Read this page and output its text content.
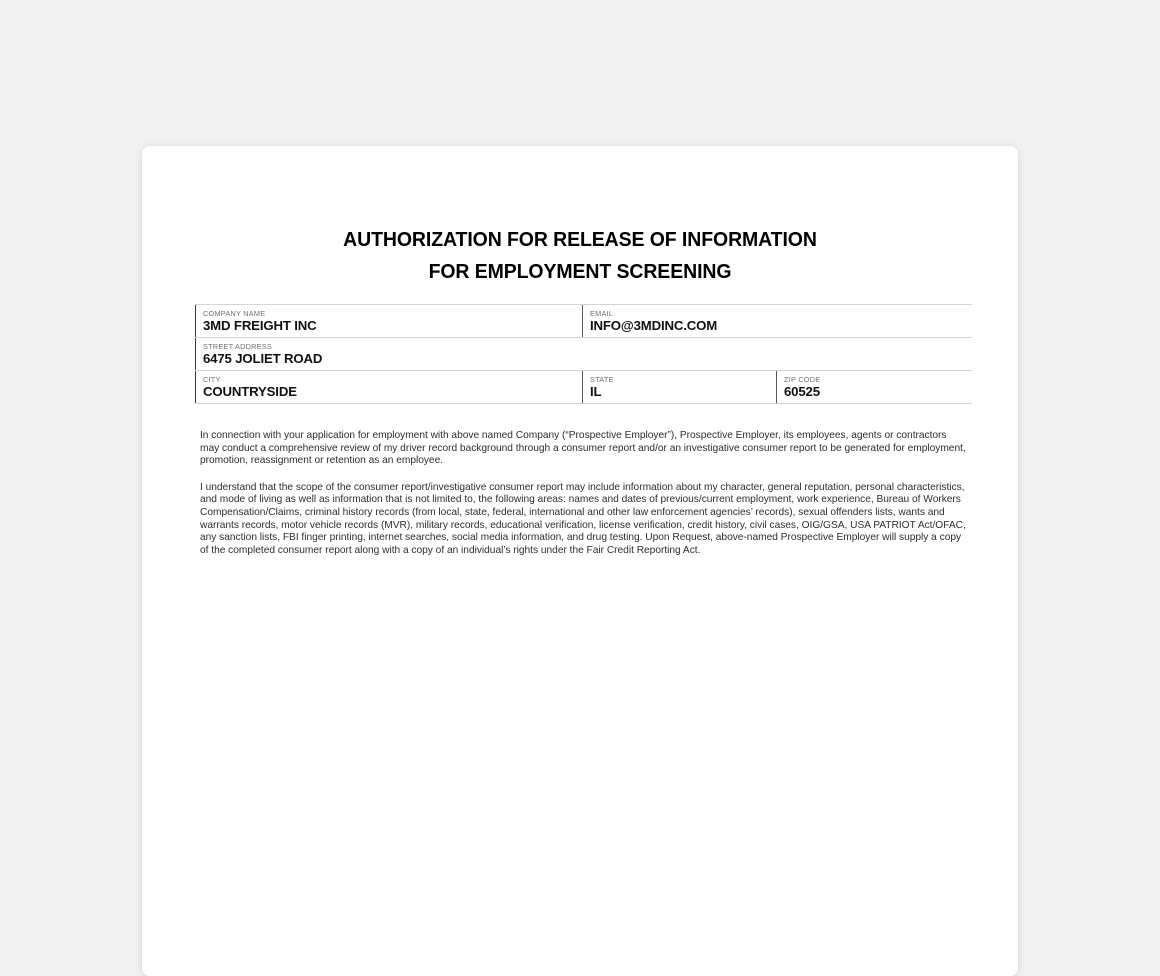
AUTHORIZATION FOR RELEASE OF INFORMATION
FOR EMPLOYMENT SCREENING
COMPANY NAME
3MD FREIGHT INC
EMAIL
INFO@3MDINC.COM
STREET ADDRESS
6475 JOLIET ROAD
CITY
COUNTRYSIDE
STATE
IL
ZIP CODE
60525

In connection with your application for employment with above named Company (“Prospective Employer”), Prospective Employer, its employees, agents or contractors may conduct a comprehensive review of my driver record background through a consumer report and/or an investigative consumer report to be generated for employment, promotion, reassignment or retention as an employee.

I understand that the scope of the consumer report/investigative consumer report may include information about my character, general reputation, personal characteristics, and mode of living as well as information that is not limited to, the following areas: names and dates of previous/current employment, work experience, Bureau of Workers Compensation/Claims, criminal history records (from local, state, federal, international and other law enforcement agencies’ records), sexual offenders lists, wants and warrants records, motor vehicle records (MVR), military records, educational verification, license verification, credit history, civil cases, OIG/GSA, USA PATRIOT Act/OFAC, any sanction lists, FBI finger printing, internet searches, social media information, and drug testing. Upon Request, above-named Prospective Employer will supply a copy of the completed consumer report along with a copy of an individual’s rights under the Fair Credit Reporting Act.
